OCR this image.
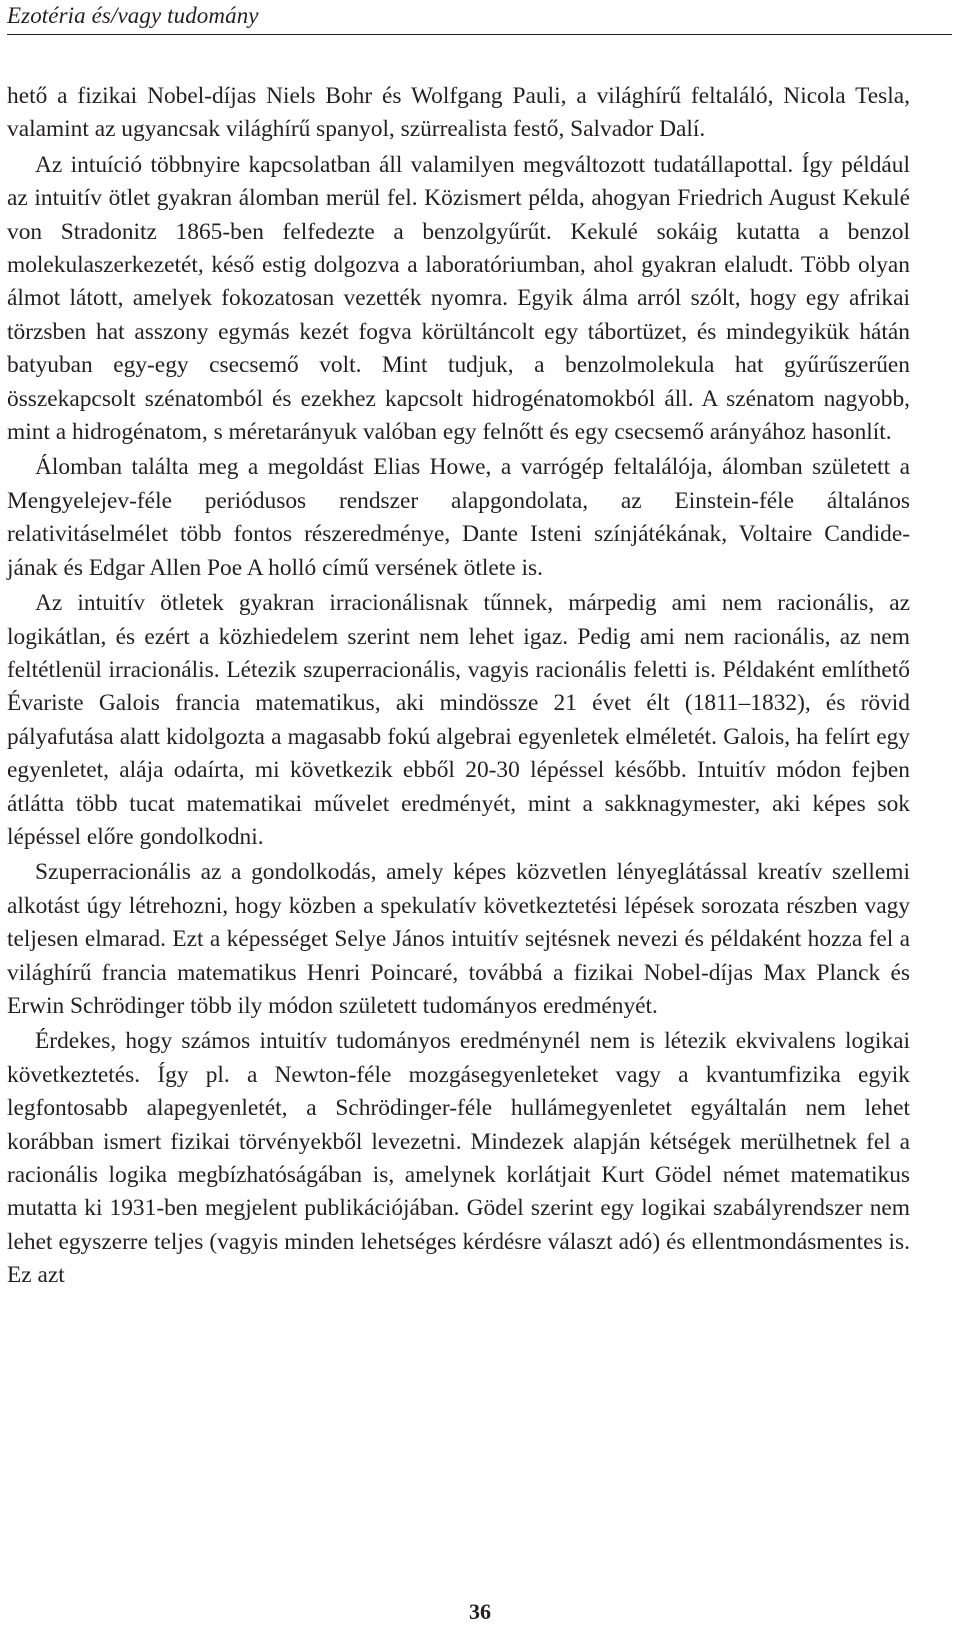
Ezotéria és/vagy tudomány

hető a fizikai Nobel-díjas Niels Bohr és Wolfgang Pauli, a világhírű feltaláló, Nicola Tesla, valamint az ugyancsak világhírű spanyol, szürrealista festő, Salvador Dalí.

Az intuíció többnyire kapcsolatban áll valamilyen megváltozott tudatállapottal. Így például az intuitív ötlet gyakran álomban merül fel. Közismert példa, ahogyan Friedrich August Kekulé von Stradonitz 1865-ben felfedezte a benzolgyűrűt. Kekulé sokáig kutatta a benzol molekulaszerkezetét, késő estig dolgozva a laboratóriumban, ahol gyakran elaludt. Több olyan álmot látott, amelyek fokozatosan vezették nyomra. Egyik álma arról szólt, hogy egy afrikai törzsben hat asszony egymás kezét fogva körültáncolt egy tábortüzet, és mindegyikük hátán batyuban egy-egy csecsemő volt. Mint tudjuk, a benzolmolekula hat gyűrűszerűen összekapcsolt szénatomból és ezekhez kapcsolt hidrogénatomokból áll. A szénatom nagyobb, mint a hidrogénatom, s méretarányuk valóban egy felnőtt és egy csecsemő arányához hasonlít.

Álomban találta meg a megoldást Elias Howe, a varrógép feltalálója, álomban született a Mengyelejev-féle periódusos rendszer alapgondolata, az Einstein-féle általános relativitáselmélet több fontos részeredménye, Dante Isteni színjátékának, Voltaire Candide-jának és Edgar Allen Poe A holló című versének ötlete is.

Az intuitív ötletek gyakran irracionálisnak tűnnek, márpedig ami nem racionális, az logikátlan, és ezért a közhiedelem szerint nem lehet igaz. Pedig ami nem racionális, az nem feltétlenül irracionális. Létezik szuperracionális, vagyis racionális feletti is. Példaként említhető Évariste Galois francia matematikus, aki mindössze 21 évet élt (1811–1832), és rövid pályafutása alatt kidolgozta a magasabb fokú algebrai egyenletek elméletét. Galois, ha felírt egy egyenletet, alája odaírta, mi következik ebből 20-30 lépéssel később. Intuitív módon fejben átlátta több tucat matematikai művelet eredményét, mint a sakknagymester, aki képes sok lépéssel előre gondolkodni.

Szuperracionális az a gondolkodás, amely képes közvetlen lényeglátással kreatív szellemi alkotást úgy létrehozni, hogy közben a spekulatív következtetési lépések sorozata részben vagy teljesen elmarad. Ezt a képességet Selye János intuitív sejtésnek nevezi és példaként hozza fel a világhírű francia matematikus Henri Poincaré, továbbá a fizikai Nobel-díjas Max Planck és Erwin Schrödinger több ily módon született tudományos eredményét.

Érdekes, hogy számos intuitív tudományos eredménynél nem is létezik ekvivalens logikai következtetés. Így pl. a Newton-féle mozgásegyenleteket vagy a kvantumfizika egyik legfontosabb alapegyenletét, a Schrödinger-féle hullámegyenletet egyáltalán nem lehet korábban ismert fizikai törvényekből levezetni. Mindezek alapján kétségek merülhetnek fel a racionális logika megbízhatóságában is, amelynek korlátjait Kurt Gödel német matematikus mutatta ki 1931-ben megjelent publikációjában. Gödel szerint egy logikai szabályrendszer nem lehet egyszerre teljes (vagyis minden lehetséges kérdésre választ adó) és ellentmondásmentes is. Ez azt

36
